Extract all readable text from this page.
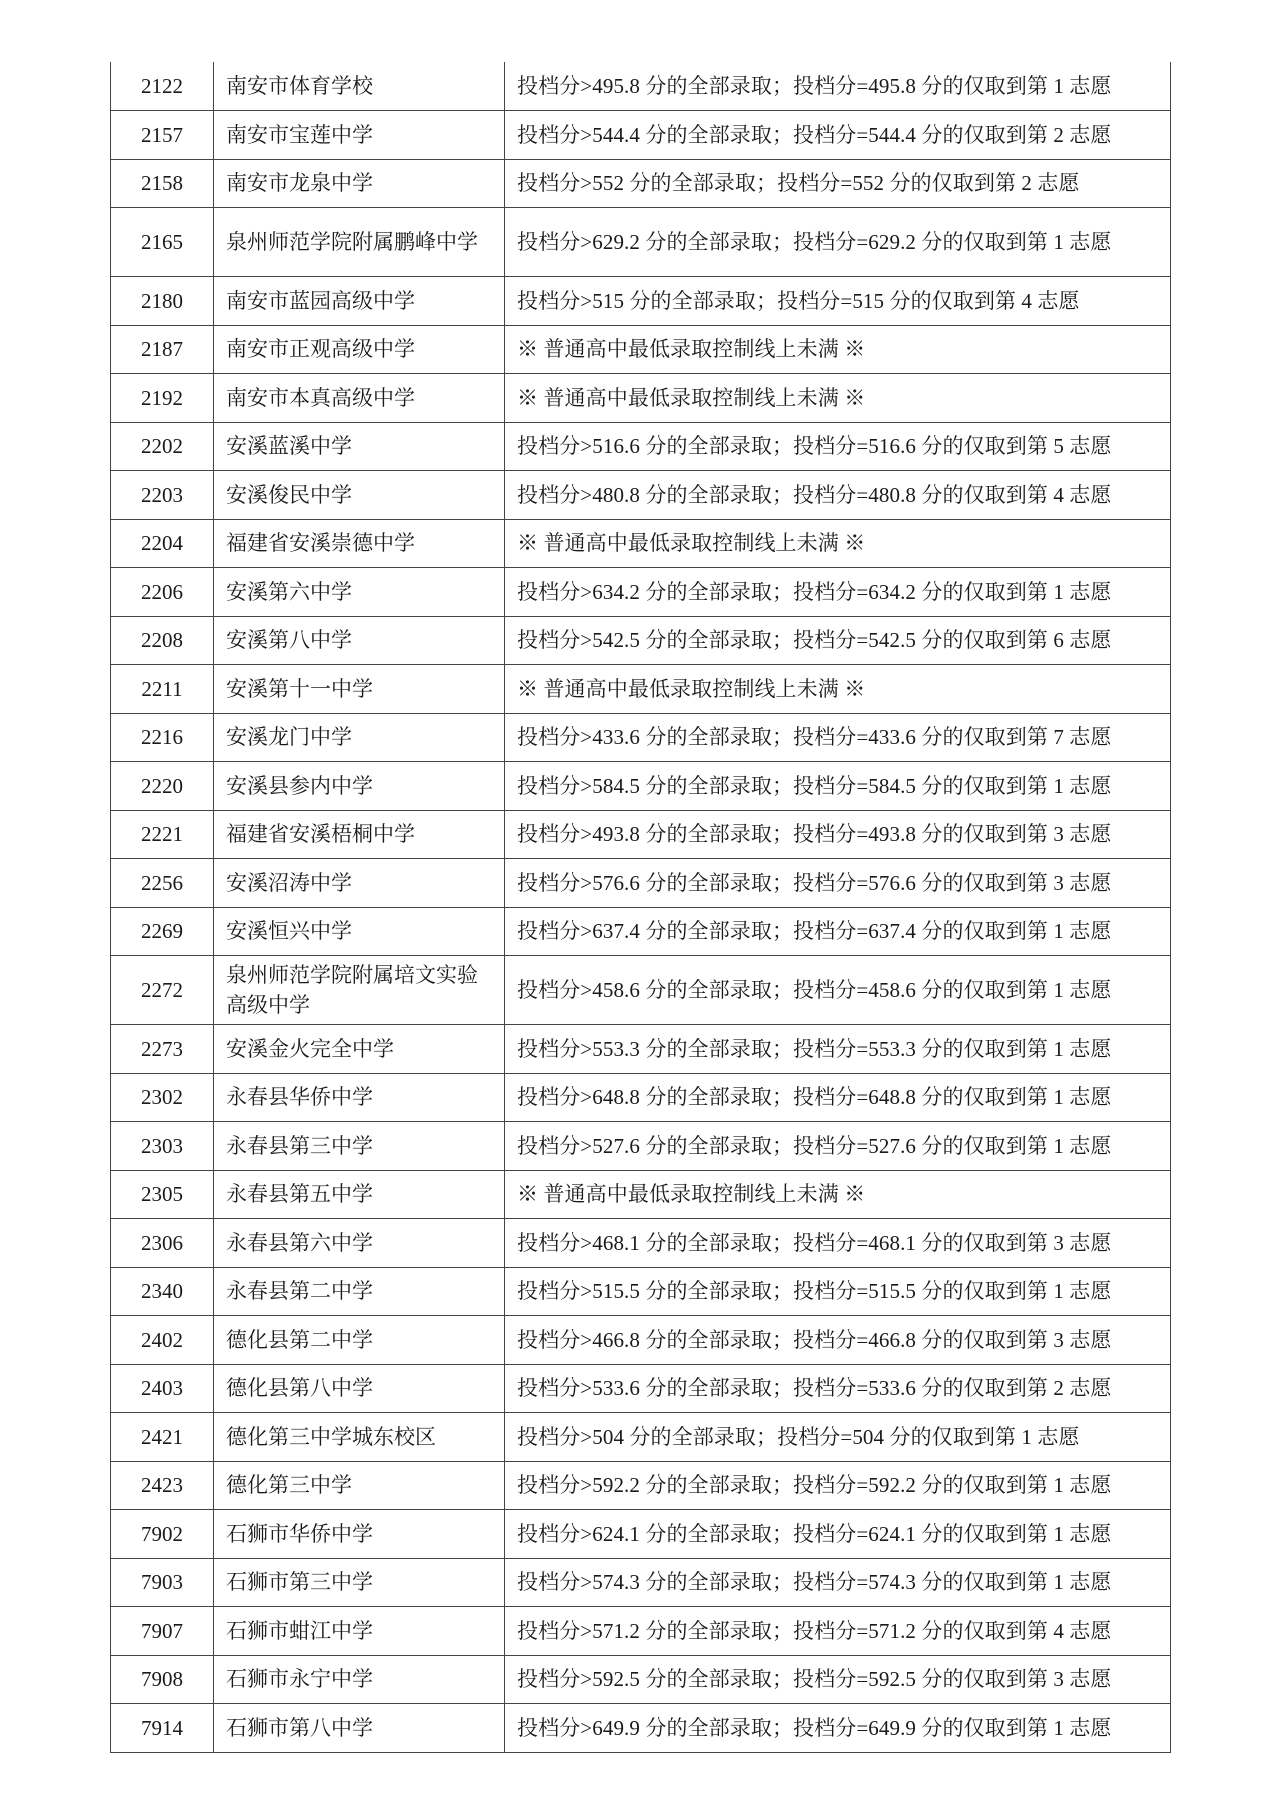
2122	南安市体育学校	投档分>495.8 分的全部录取；投档分=495.8 分的仅取到第 1 志愿
2157	南安市宝莲中学	投档分>544.4 分的全部录取；投档分=544.4 分的仅取到第 2 志愿
2158	南安市龙泉中学	投档分>552 分的全部录取；投档分=552 分的仅取到第 2 志愿
2165	泉州师范学院附属鹏峰中学	投档分>629.2 分的全部录取；投档分=629.2 分的仅取到第 1 志愿
2180	南安市蓝园高级中学	投档分>515 分的全部录取；投档分=515 分的仅取到第 4 志愿
2187	南安市正观高级中学	※ 普通高中最低录取控制线上未满 ※
2192	南安市本真高级中学	※ 普通高中最低录取控制线上未满 ※
2202	安溪蓝溪中学	投档分>516.6 分的全部录取；投档分=516.6 分的仅取到第 5 志愿
2203	安溪俊民中学	投档分>480.8 分的全部录取；投档分=480.8 分的仅取到第 4 志愿
2204	福建省安溪崇德中学	※ 普通高中最低录取控制线上未满 ※
2206	安溪第六中学	投档分>634.2 分的全部录取；投档分=634.2 分的仅取到第 1 志愿
2208	安溪第八中学	投档分>542.5 分的全部录取；投档分=542.5 分的仅取到第 6 志愿
2211	安溪第十一中学	※ 普通高中最低录取控制线上未满 ※
2216	安溪龙门中学	投档分>433.6 分的全部录取；投档分=433.6 分的仅取到第 7 志愿
2220	安溪县参内中学	投档分>584.5 分的全部录取；投档分=584.5 分的仅取到第 1 志愿
2221	福建省安溪梧桐中学	投档分>493.8 分的全部录取；投档分=493.8 分的仅取到第 3 志愿
2256	安溪沼涛中学	投档分>576.6 分的全部录取；投档分=576.6 分的仅取到第 3 志愿
2269	安溪恒兴中学	投档分>637.4 分的全部录取；投档分=637.4 分的仅取到第 1 志愿
2272	泉州师范学院附属培文实验高级中学	投档分>458.6 分的全部录取；投档分=458.6 分的仅取到第 1 志愿
2273	安溪金火完全中学	投档分>553.3 分的全部录取；投档分=553.3 分的仅取到第 1 志愿
2302	永春县华侨中学	投档分>648.8 分的全部录取；投档分=648.8 分的仅取到第 1 志愿
2303	永春县第三中学	投档分>527.6 分的全部录取；投档分=527.6 分的仅取到第 1 志愿
2305	永春县第五中学	※ 普通高中最低录取控制线上未满 ※
2306	永春县第六中学	投档分>468.1 分的全部录取；投档分=468.1 分的仅取到第 3 志愿
2340	永春县第二中学	投档分>515.5 分的全部录取；投档分=515.5 分的仅取到第 1 志愿
2402	德化县第二中学	投档分>466.8 分的全部录取；投档分=466.8 分的仅取到第 3 志愿
2403	德化县第八中学	投档分>533.6 分的全部录取；投档分=533.6 分的仅取到第 2 志愿
2421	德化第三中学城东校区	投档分>504 分的全部录取；投档分=504 分的仅取到第 1 志愿
2423	德化第三中学	投档分>592.2 分的全部录取；投档分=592.2 分的仅取到第 1 志愿
7902	石狮市华侨中学	投档分>624.1 分的全部录取；投档分=624.1 分的仅取到第 1 志愿
7903	石狮市第三中学	投档分>574.3 分的全部录取；投档分=574.3 分的仅取到第 1 志愿
7907	石狮市蚶江中学	投档分>571.2 分的全部录取；投档分=571.2 分的仅取到第 4 志愿
7908	石狮市永宁中学	投档分>592.5 分的全部录取；投档分=592.5 分的仅取到第 3 志愿
7914	石狮市第八中学	投档分>649.9 分的全部录取；投档分=649.9 分的仅取到第 1 志愿
